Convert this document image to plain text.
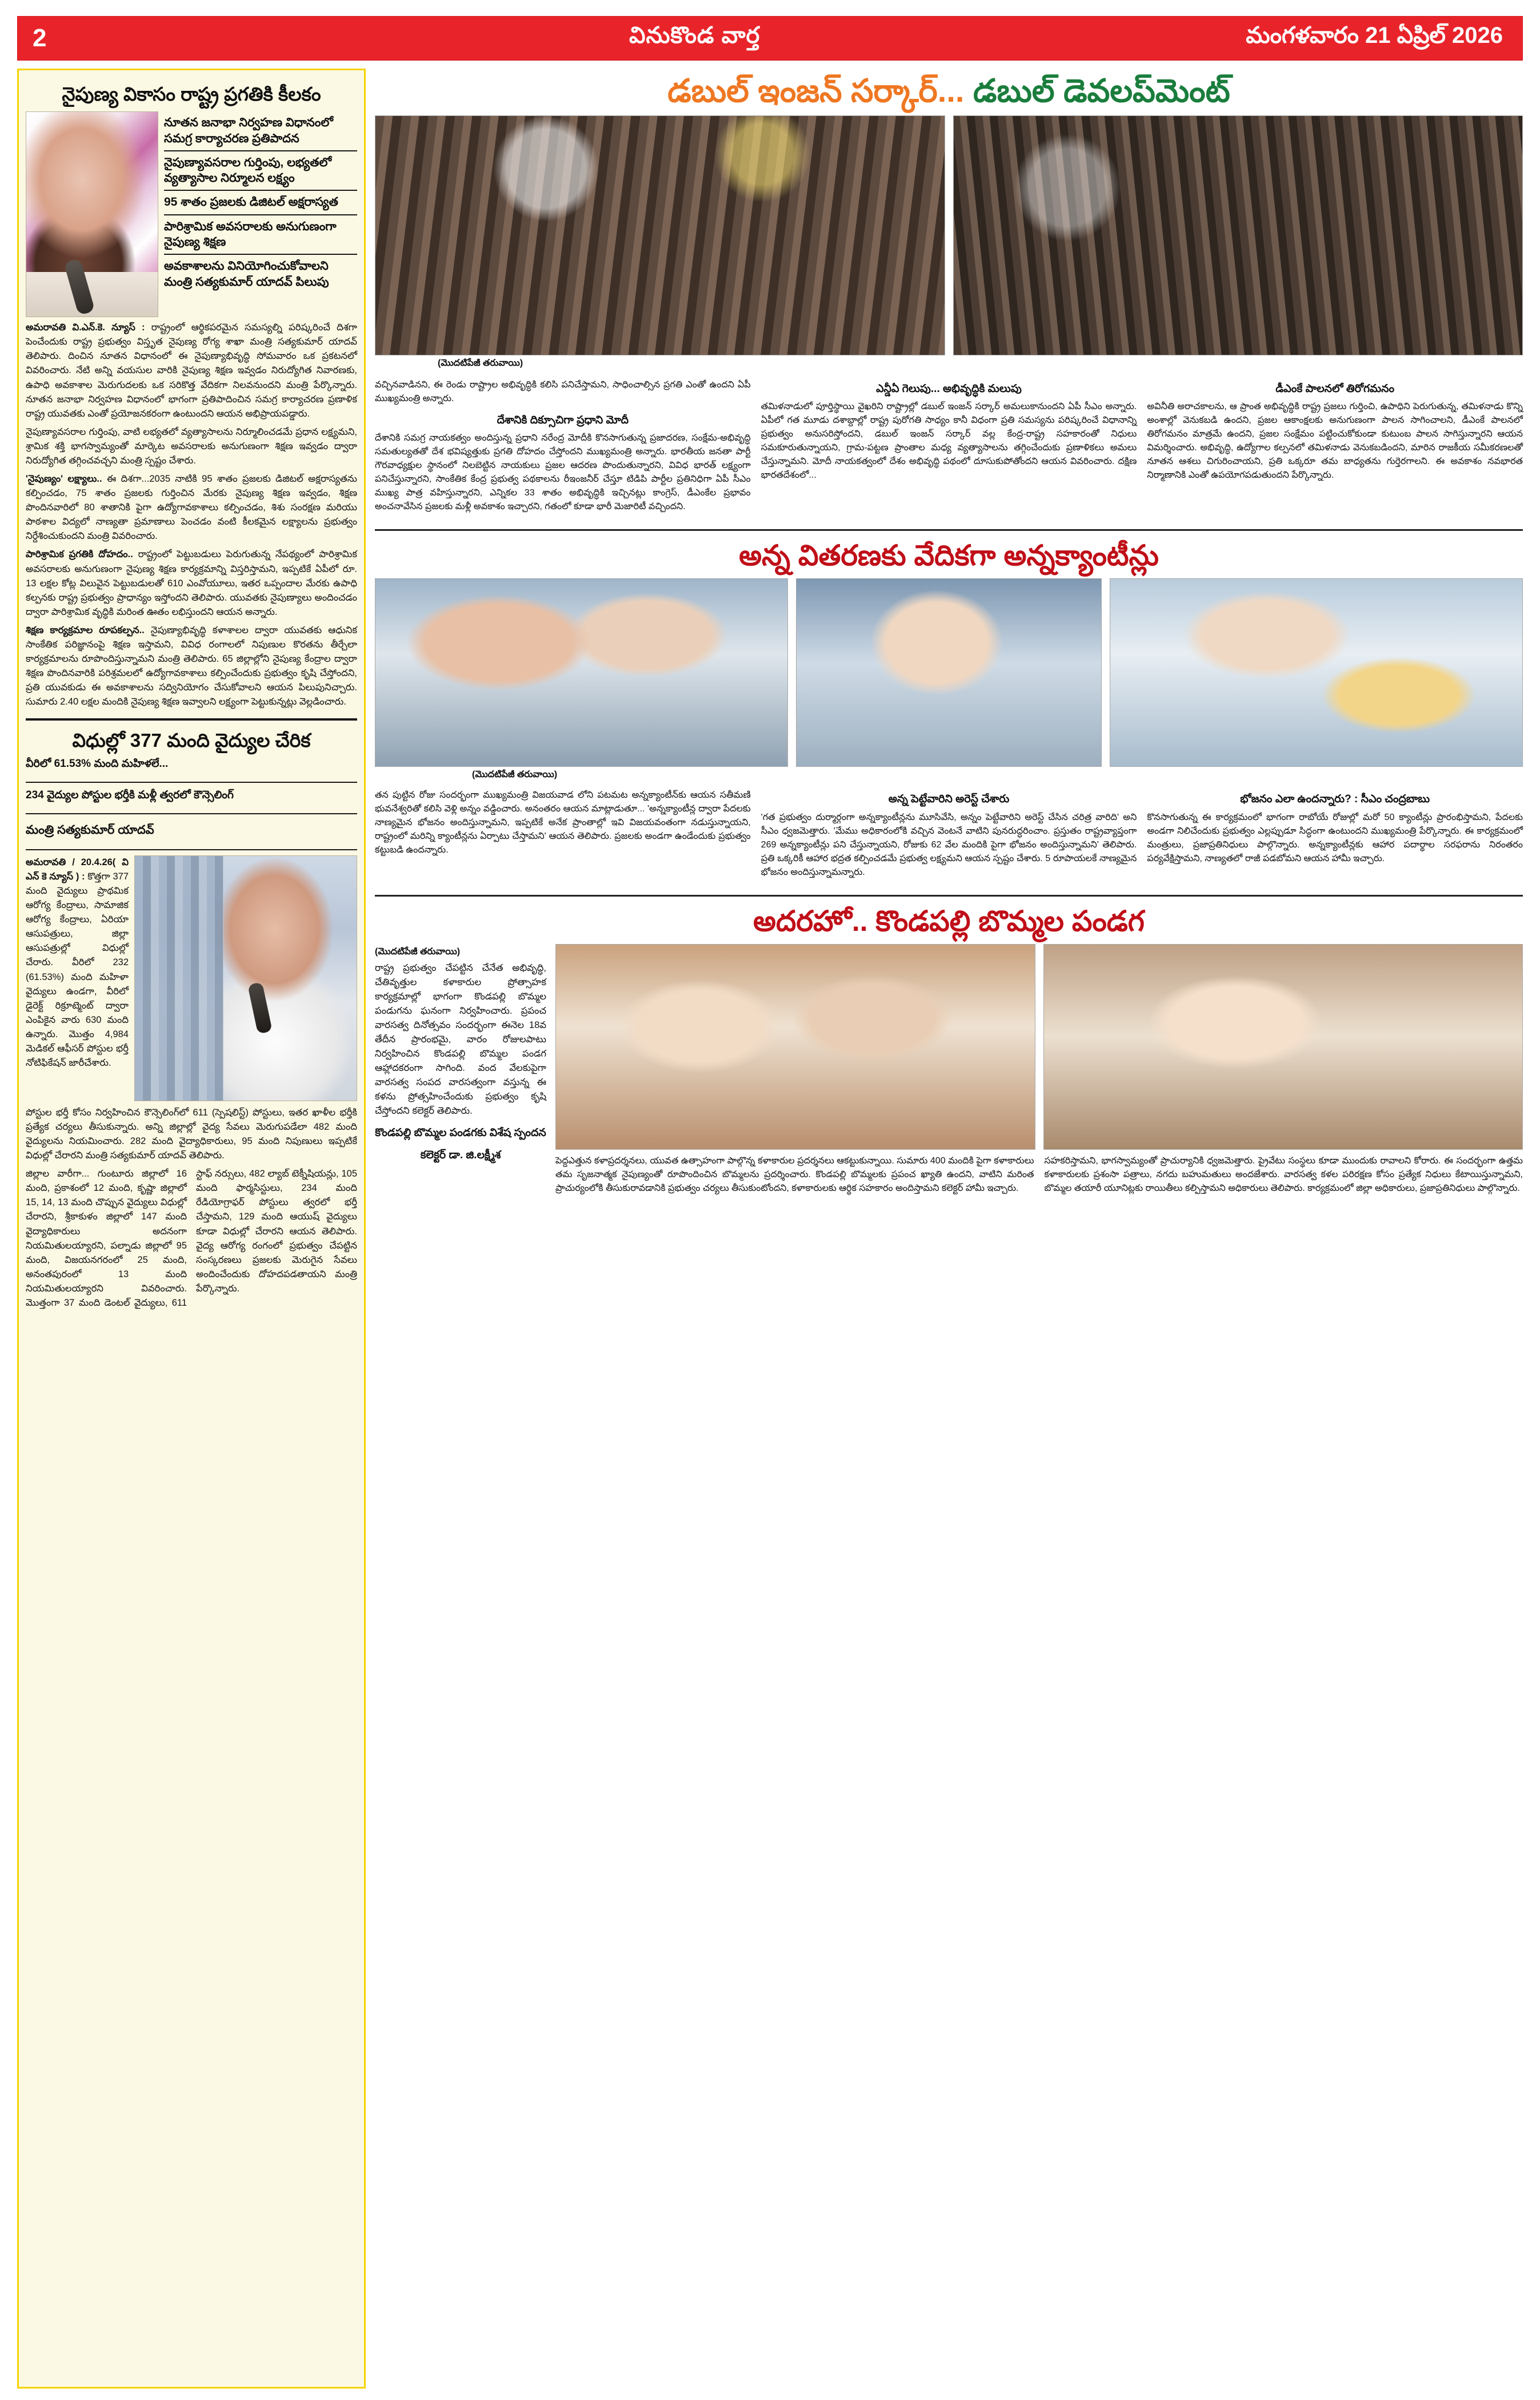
2	వినుకొండ వార్త	మంగళవారం 21 ఏప్రిల్ 2026
నైపుణ్య వికాసం రాష్ట్ర ప్రగతికి కీలకం
నూతన జనాభా నిర్వహణ విధానంలో సమగ్ర కార్యాచరణ ప్రతిపాదన
నైపుణ్యావసరాల గుర్తింపు, లభ్యతలో వ్యత్యాసాల నిర్మూలన లక్ష్యం
95 శాతం ప్రజలకు డిజిటల్ అక్షరాస్యత
పారిశ్రామిక అవసరాలకు అనుగుణంగా నైపుణ్య శిక్షణ
అవకాశాలను వినియోగించుకోవాలని మంత్రి సత్యకుమార్ యాదవ్ పిలుపు

అమరావతి వి.ఎన్.కె. న్యూస్ : రాష్ట్రంలో ఆర్థికపరమైన సమస్యల్ని పరిష్కరించే దిశగా పెంచేందుకు రాష్ట్ర ప్రభుత్వం విస్తృత నైపుణ్య రోగ్య శాఖా మంత్రి సత్యకుమార్ యాదవ్ తెలిపారు. దించిన నూతన విధానంలో ఈ నైపుణ్యాభివృద్ధి సోమవారం ఒక ప్రకటనలో వివరించారు. నేటి అన్ని వయసుల వారికి నైపుణ్య శిక్షణ ఇవ్వడం నిరుద్యోగిత నివారణకు, ఉపాధి అవకాశాల మెరుగుదలకు ఒక సరికొత్త వేదికగా నిలవనుందని మంత్రి పేర్కొన్నారు. నూతన జనాభా నిర్వహణ విధానంలో భాగంగా ప్రతిపాదించిన సమగ్ర కార్యాచరణ ప్రణాళిక రాష్ట్ర యువతకు ఎంతో ప్రయోజనకరంగా ఉంటుందని ఆయన అభిప్రాయపడ్డారు.

నైపుణ్యావసరాల గుర్తింపు, వాటి లభ్యతలో వ్యత్యాసాలను నిర్మూలించడమే ప్రధాన లక్ష్యమని, శ్రామిక శక్తి భాగస్వామ్యంతో మార్కెట అవసరాలకు అనుగుణంగా శిక్షణ ఇవ్వడం ద్వారా నిరుద్యోగిత తగ్గించవచ్చని మంత్రి స్పష్టం చేశారు.

'నైపుణ్యం' లక్ష్యాలు.. ఈ దిశగా...2035 నాటికి 95 శాతం ప్రజలకు డిజిటల్ అక్షరాస్యతను కల్పించడం, 75 శాతం ప్రజలకు గుర్తించిన మేరకు నైపుణ్య శిక్షణ ఇవ్వడం, శిక్షణ పొందినవారిలో 80 శాతానికి పైగా ఉద్యోగావకాశాలు కల్పించడం, శిశు సంరక్షణ మరియు పాఠశాల విద్యలో నాణ్యతా ప్రమాణాలు పెంచడం వంటి కీలకమైన లక్ష్యాలను ప్రభుత్వం నిర్దేశించుకుందని మంత్రి వివరించారు.

పారిశ్రామిక ప్రగతికి దోహదం.. రాష్ట్రంలో పెట్టుబడులు పెరుగుతున్న నేపథ్యంలో పారిశ్రామిక అవసరాలకు అనుగుణంగా నైపుణ్య శిక్షణ కార్యక్రమాన్ని విస్తరిస్తామని, ఇప్పటికే ఏపీలో రూ. 13 లక్షల కోట్ల విలువైన పెట్టుబడులతో 610 ఎంవోయూలు, ఇతర ఒప్పందాల మేరకు ఉపాధి కల్పనకు రాష్ట్ర ప్రభుత్వం ప్రాధాన్యం ఇస్తోందని తెలిపారు. యువతకు నైపుణ్యాలు అందించడం ద్వారా పారిశ్రామిక వృద్ధికి మరింత ఊతం లభిస్తుందని ఆయన అన్నారు.

శిక్షణ కార్యక్రమాల రూపకల్పన.. నైపుణ్యాభివృద్ధి కళాశాలల ద్వారా యువతకు ఆధునిక సాంకేతిక పరిజ్ఞానంపై శిక్షణ ఇస్తామని, వివిధ రంగాలలో నిపుణుల కొరతను తీర్చేలా కార్యక్రమాలను రూపొందిస్తున్నామని మంత్రి తెలిపారు. 65 జిల్లాల్లోని నైపుణ్య కేంద్రాల ద్వారా శిక్షణ పొందినవారికి పరిశ్రమలలో ఉద్యోగావకాశాలు కల్పించేందుకు ప్రభుత్వం కృషి చేస్తోందని, ప్రతి యువకుడు ఈ అవకాశాలను సద్వినియోగం చేసుకోవాలని ఆయన పిలుపునిచ్చారు. సుమారు 2.40 లక్షల మందికి నైపుణ్య శిక్షణ ఇవ్వాలని లక్ష్యంగా పెట్టుకున్నట్లు వెల్లడించారు.

విధుల్లో 377 మంది వైద్యుల చేరిక
వీరిలో 61.53% మంది మహిళలే...
234 వైద్యుల పోస్టుల భర్తీకి మళ్లీ త్వరలో కౌన్సెలింగ్
మంత్రి సత్యకుమార్ యాదవ్
అమరావతి / 20.4.26( వి ఎన్ కె న్యూస్ ) : కొత్తగా 377 మంది వైద్యులు ప్రాథమిక ఆరోగ్య కేంద్రాలు, సామాజిక ఆరోగ్య కేంద్రాలు, ఏరియా ఆసుపత్రులు, జిల్లా ఆసుపత్రుల్లో విధుల్లో చేరారు. వీరిలో 232 (61.53%) మంది మహిళా వైద్యులు ఉండగా, వీరిలో డైరెక్ట్ రిక్రూట్మెంట్ ద్వారా ఎంపికైన వారు 630 మంది ఉన్నారు. మొత్తం 4,984 మెడికల్ ఆఫీసర్ పోస్టుల భర్తీ నోటిఫికేషన్ జారీచేశారు.

పోస్టుల భర్తీ కోసం నిర్వహించిన కౌన్సెలింగ్‌లో 611 (స్పెషలిస్ట్) పోస్టులు, ఇతర ఖాళీల భర్తీకి ప్రత్యేక చర్యలు తీసుకున్నారు. అన్ని జిల్లాల్లో వైద్య సేవలు మెరుగుపడేలా 482 మంది వైద్యులను నియమించారు. 282 మంది వైద్యాధికారులు, 95 మంది నిపుణులు ఇప్పటికే విధుల్లో చేరారని మంత్రి సత్యకుమార్ యాదవ్ తెలిపారు.

జిల్లాల వారీగా... గుంటూరు జిల్లాలో 16 మంది, ప్రకాశంలో 12 మంది, కృష్ణా జిల్లాలో 15, 14, 13 మంది చొప్పున వైద్యులు విధుల్లో చేరారని, శ్రీకాకుళం జిల్లాలో 147 మంది వైద్యాధికారులు అదనంగా నియమితులయ్యారని, పల్నాడు జిల్లాలో 95 మంది, విజయనగరంలో 25 మంది, అనంతపురంలో 13 మంది నియమితులయ్యారని వివరించారు. మొత్తంగా 37 మంది డెంటల్ వైద్యులు, 611 స్టాఫ్ నర్సులు, 482 ల్యాబ్ టెక్నీషియన్లు, 105 మంది ఫార్మసిస్టులు, 234 మంది రేడియోగ్రాఫర్ పోస్టులు త్వరలో భర్తీ చేస్తామని, 129 మంది ఆయుష్ వైద్యులు కూడా విధుల్లో చేరారని ఆయన తెలిపారు. వైద్య ఆరోగ్య రంగంలో ప్రభుత్వం చేపట్టిన సంస్కరణలు ప్రజలకు మెరుగైన సేవలు అందించేందుకు దోహదపడతాయని మంత్రి పేర్కొన్నారు.

డబుల్ ఇంజన్ సర్కార్... డబుల్ డెవలప్‌మెంట్
(మొదటిపేజీ తరువాయి)

వచ్చినవాడినని, ఈ రెండు రాష్ట్రాల అభివృద్ధికి కలిసి పనిచేస్తామని, సాధించాల్సిన ప్రగతి ఎంతో ఉందని ఏపీ ముఖ్యమంత్రి అన్నారు.

దేశానికి దిక్సూచిగా ప్రధాని మోదీ

దేశానికి సమగ్ర నాయకత్వం అందిస్తున్న ప్రధాని నరేంద్ర మోదీకి కొనసాగుతున్న ప్రజాదరణ, సంక్షేమ-అభివృద్ధి సమతుల్యతతో దేశ భవిష్యత్తుకు ప్రగతి దోహదం చేస్తోందని ముఖ్యమంత్రి అన్నారు. భారతీయ జనతా పార్టీ గౌరవాధ్యక్షుల స్థానంలో నిలబెట్టిన నాయకులు ప్రజల ఆదరణ పొందుతున్నారని, వివిధ భారత్ లక్ష్యంగా పనిచేస్తున్నారని, సాంకేతిక కేంద్ర ప్రభుత్వ పథకాలను రీఇంజనీర్ చేస్తూ టిడిపి పార్టీల ప్రతినిధిగా ఏపీ సీఎం ముఖ్య పాత్ర వహిస్తున్నారని, ఎన్నికల 33 శాతం అభివృద్ధికి ఇచ్చినట్లు కాంగ్రెస్, డీఎంకేల ప్రభావం అంచనావేసిన ప్రజలకు మళ్లీ అవకాశం ఇచ్చారని, గతంలో కూడా భారీ మెజారిటీ వచ్చిందని.

ఎన్డీఏ గెలుపు... అభివృద్ధికి మలుపు

తమిళనాడులో పూర్తిస్థాయి వైఖరిని రాష్ట్రాల్లో డబుల్ ఇంజన్ సర్కార్ అమలుకానుందని ఏపీ సీఎం అన్నారు. ఏపీలో గత మూడు దశాబ్దాల్లో రాష్ట్ర పురోగతి సాధ్యం కానీ విధంగా ప్రతి సమస్యను పరిష్కరించే విధానాన్ని ప్రభుత్వం అనుసరిస్తోందని, డబుల్ ఇంజన్ సర్కార్ వల్ల కేంద్ర-రాష్ట్ర సహకారంతో నిధులు సమకూరుతున్నాయని, గ్రామ-పట్టణ ప్రాంతాల మధ్య వ్యత్యాసాలను తగ్గించేందుకు ప్రణాళికలు అమలు చేస్తున్నామని. మోదీ నాయకత్వంలో దేశం అభివృద్ధి పథంలో దూసుకుపోతోందని ఆయన వివరించారు. దక్షిణ భారతదేశంలో...

డీఎంకే పాలనలో తిరోగమనం

అవినీతి అరాచకాలను, ఆ ప్రాంత అభివృద్ధికి రాష్ట్ర ప్రజలు గుర్తించి, ఉపాధిని పెరుగుతున్న, తమిళనాడు కొన్ని అంశాల్లో వెనుకబడి ఉందని, ప్రజల ఆకాంక్షలకు అనుగుణంగా పాలన సాగించాలని, డీఎంకే పాలనలో తిరోగమనం మాత్రమే ఉందని, ప్రజల సంక్షేమం పట్టించుకోకుండా కుటుంబ పాలన సాగిస్తున్నారని ఆయన విమర్శించారు. అభివృద్ధి, ఉద్యోగాల కల్పనలో తమిళనాడు వెనుకబడిందని, మారిన రాజకీయ సమీకరణలతో నూతన ఆశలు చిగురించాయని, ప్రతి ఒక్కరూ తమ బాధ్యతను గుర్తెరగాలని. ఈ అవకాశం నవభారత నిర్మాణానికి ఎంతో ఉపయోగపడుతుందని పేర్కొన్నారు.

అన్న వితరణకు వేదికగా అన్నక్యాంటీన్లు
(మొదటిపేజీ తరువాయి)

తన పుట్టిన రోజు సందర్భంగా ముఖ్యమంత్రి విజయవాడ లోని పటమట అన్నక్యాంటీన్‌కు ఆయన సతీమణి భువనేశ్వరితో కలిసి వెళ్లి అన్నం వడ్డించారు. అనంతరం ఆయన మాట్లాడుతూ... 'అన్నక్యాంటీన్ల ద్వారా పేదలకు నాణ్యమైన భోజనం అందిస్తున్నామని, ఇప్పటికే అనేక ప్రాంతాల్లో ఇవి విజయవంతంగా నడుస్తున్నాయని, రాష్ట్రంలో మరిన్ని క్యాంటీన్లను ఏర్పాటు చేస్తామని' ఆయన తెలిపారు. ప్రజలకు అండగా ఉండేందుకు ప్రభుత్వం కట్టుబడి ఉందన్నారు.

అన్న పెట్టేవారిని అరెస్ట్ చేశారు

'గత ప్రభుత్వం దుర్మార్గంగా అన్నక్యాంటీన్లను మూసివేసి, అన్నం పెట్టేవారిని అరెస్ట్ చేసిన చరిత్ర వారిది' అని సీఎం ధ్వజమెత్తారు. 'మేము అధికారంలోకి వచ్చిన వెంటనే వాటిని పునరుద్ధరించాం. ప్రస్తుతం రాష్ట్రవ్యాప్తంగా 269 అన్నక్యాంటీన్లు పని చేస్తున్నాయని, రోజుకు 62 వేల మందికి పైగా భోజనం అందిస్తున్నామని' తెలిపారు. ప్రతి ఒక్కరికీ ఆహార భద్రత కల్పించడమే ప్రభుత్వ లక్ష్యమని ఆయన స్పష్టం చేశారు. 5 రూపాయలకే నాణ్యమైన భోజనం అందిస్తున్నామన్నారు.

భోజనం ఎలా ఉందన్నారు? : సీఎం చంద్రబాబు

కొనసాగుతున్న ఈ కార్యక్రమంలో భాగంగా రాబోయే రోజుల్లో మరో 50 క్యాంటీన్లు ప్రారంభిస్తామని, పేదలకు అండగా నిలిచేందుకు ప్రభుత్వం ఎల్లప్పుడూ సిద్ధంగా ఉంటుందని ముఖ్యమంత్రి పేర్కొన్నారు. ఈ కార్యక్రమంలో మంత్రులు, ప్రజాప్రతినిధులు పాల్గొన్నారు. అన్నక్యాంటీన్లకు ఆహార పదార్థాల సరఫరాను నిరంతరం పర్యవేక్షిస్తామని, నాణ్యతలో రాజీ పడబోమని ఆయన హామీ ఇచ్చారు.

అదరహో.. కొండపల్లి బొమ్మల పండగ
(మొదటిపేజీ తరువాయి)

రాష్ట్ర ప్రభుత్వం చేపట్టిన చేనేత అభివృద్ధి, చేతివృత్తుల కళాకారుల ప్రోత్సాహక కార్యక్రమాల్లో భాగంగా కొండపల్లి బొమ్మల పండుగను ఘనంగా నిర్వహించారు. ప్రపంచ వారసత్వ దినోత్సవం సందర్భంగా ఈనెల 18వ తేదీన ప్రారంభమై, వారం రోజులపాటు నిర్వహించిన కొండపల్లి బొమ్మల పండగ ఆహ్లాదకరంగా సాగింది. వంద వేలకుపైగా వారసత్వ సంపద వారసత్వంగా వస్తున్న ఈ కళను ప్రోత్సహించేందుకు ప్రభుత్వం కృషి చేస్తోందని కలెక్టర్ తెలిపారు.

కొండపల్లి బొమ్మల పండగకు విశేష స్పందన
కలెక్టర్ డా. జి.లక్ష్మీశ	పెద్దఎత్తున కళాప్రదర్శనలు, యువత ఉత్సాహంగా పాల్గొన్న కళాకారుల ప్రదర్శనలు ఆకట్టుకున్నాయి. సుమారు 400 మందికి పైగా కళాకారులు తమ సృజనాత్మక నైపుణ్యంతో రూపొందించిన బొమ్మలను ప్రదర్శించారు. కొండపల్లి బొమ్మలకు ప్రపంచ ఖ్యాతి ఉందని, వాటిని మరింత ప్రాచుర్యంలోకి తీసుకురావడానికి ప్రభుత్వం చర్యలు తీసుకుంటోందని, కళాకారులకు ఆర్థిక సహకారం అందిస్తామని కలెక్టర్ హామీ ఇచ్చారు.

సహకరిస్తామని, భాగస్వామ్యంతో ప్రాచుర్యానికి ధ్వజమెత్తారు. ప్రైవేటు సంస్థలు కూడా ముందుకు రావాలని కోరారు. ఈ సందర్భంగా ఉత్తమ కళాకారులకు ప్రశంసా పత్రాలు, నగదు బహుమతులు అందజేశారు. వారసత్వ కళల పరిరక్షణ కోసం ప్రత్యేక నిధులు కేటాయిస్తున్నామని, బొమ్మల తయారీ యూనిట్లకు రాయితీలు కల్పిస్తామని అధికారులు తెలిపారు. కార్యక్రమంలో జిల్లా అధికారులు, ప్రజాప్రతినిధులు పాల్గొన్నారు.
